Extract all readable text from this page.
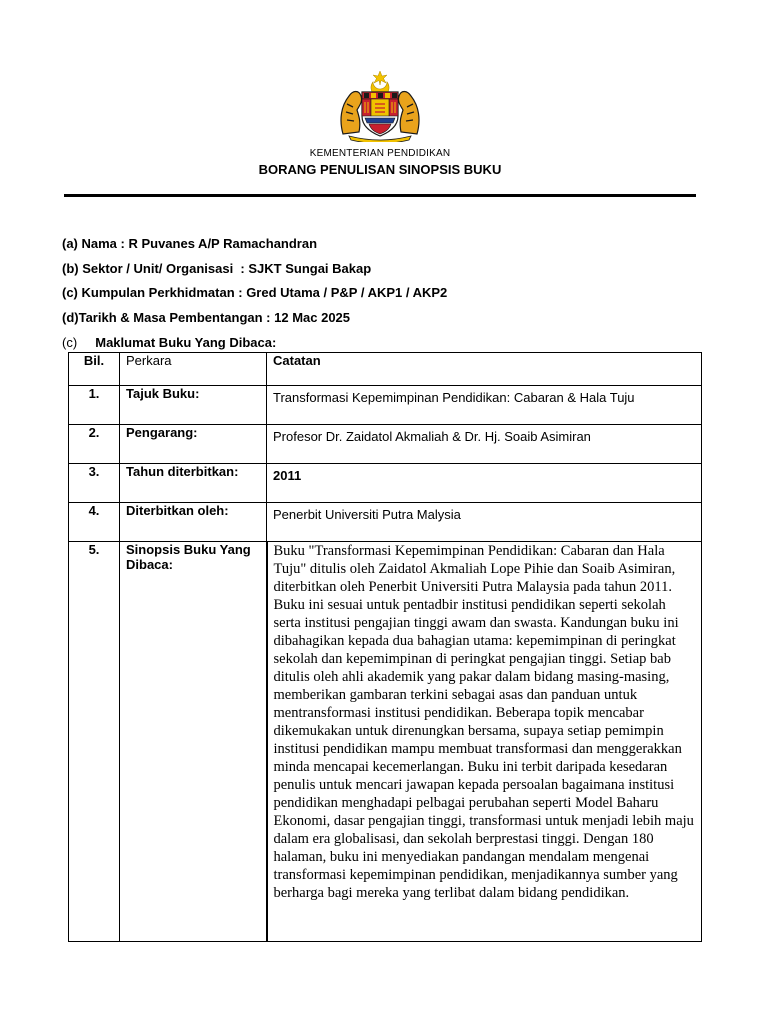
KEMENTERIAN PENDIDIKAN
BORANG PENULISAN SINOPSIS BUKU
(a) Nama : R Puvanes A/P Ramachandran
(b) Sektor / Unit/ Organisasi  : SJKT Sungai Bakap
(c) Kumpulan Perkhidmatan : Gred Utama / P&P / AKP1 / AKP2
(d)Tarikh & Masa Pembentangan : 12 Mac 2025
(c) Maklumat Buku Yang Dibaca:
Bil.	Perkara	Catatan
1.	Tajuk Buku:	Transformasi Kepemimpinan Pendidikan: Cabaran & Hala Tuju
2.	Pengarang:	Profesor Dr. Zaidatol Akmaliah & Dr. Hj. Soaib Asimiran
3.	Tahun diterbitkan:	2011
4.	Diterbitkan oleh:	Penerbit Universiti Putra Malysia
5.	Sinopsis Buku Yang Dibaca:	Buku "Transformasi Kepemimpinan Pendidikan: Cabaran dan Hala Tuju" ditulis oleh Zaidatol Akmaliah Lope Pihie dan Soaib Asimiran, diterbitkan oleh Penerbit Universiti Putra Malaysia pada tahun 2011. Buku ini sesuai untuk pentadbir institusi pendidikan seperti sekolah serta institusi pengajian tinggi awam dan swasta. Kandungan buku ini dibahagikan kepada dua bahagian utama: kepemimpinan di peringkat sekolah dan kepemimpinan di peringkat pengajian tinggi. Setiap bab ditulis oleh ahli akademik yang pakar dalam bidang masing-masing, memberikan gambaran terkini sebagai asas dan panduan untuk mentransformasi institusi pendidikan. Beberapa topik mencabar dikemukakan untuk direnungkan bersama, supaya setiap pemimpin institusi pendidikan mampu membuat transformasi dan menggerakkan minda mencapai kecemerlangan. Buku ini terbit daripada kesedaran penulis untuk mencari jawapan kepada persoalan bagaimana institusi pendidikan menghadapi pelbagai perubahan seperti Model Baharu Ekonomi, dasar pengajian tinggi, transformasi untuk menjadi lebih maju dalam era globalisasi, dan sekolah berprestasi tinggi. Dengan 180 halaman, buku ini menyediakan pandangan mendalam mengenai transformasi kepemimpinan pendidikan, menjadikannya sumber yang berharga bagi mereka yang terlibat dalam bidang pendidikan.
